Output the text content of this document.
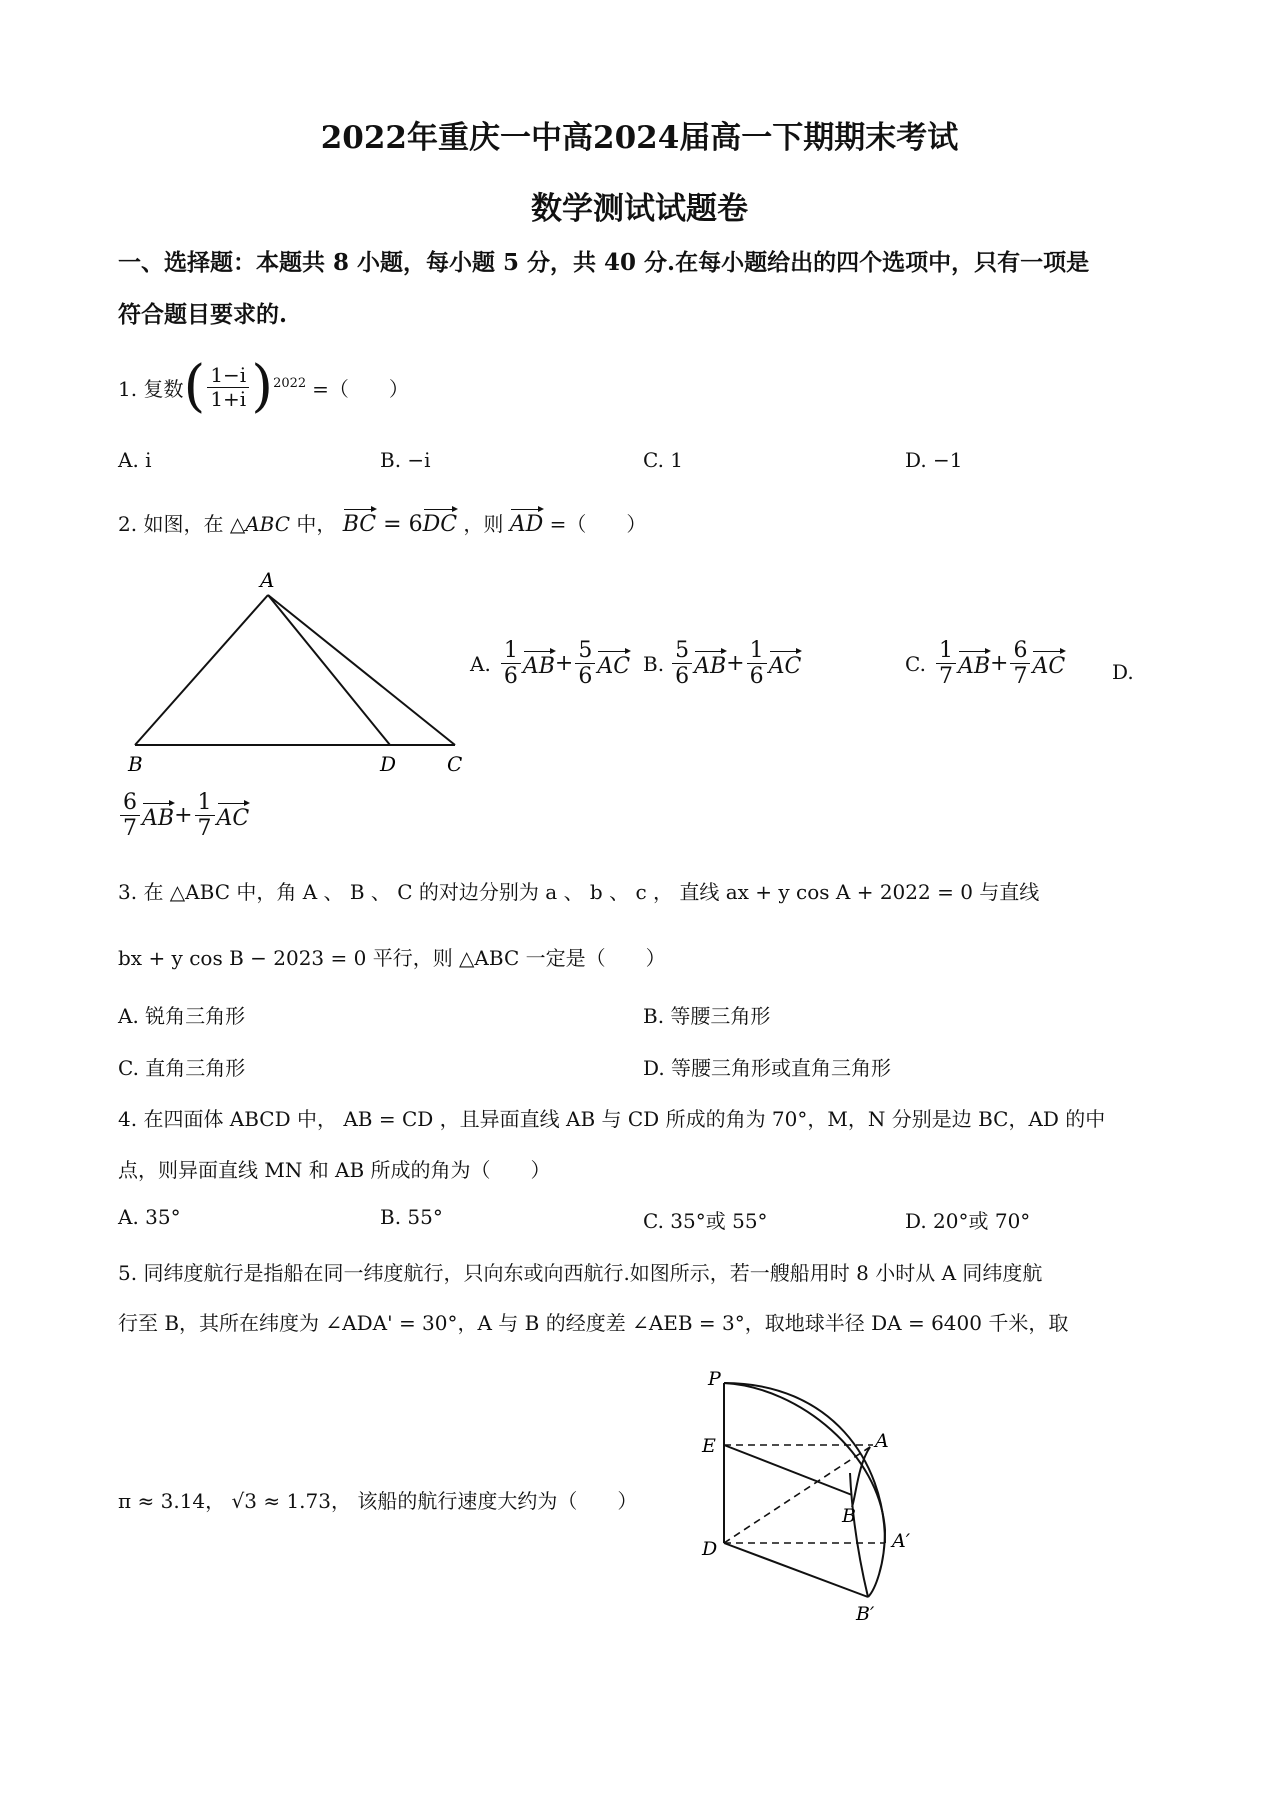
2022年重庆一中高2024届高一下期期末考试
数学测试试题卷
一、选择题：本题共 8 小题，每小题 5 分，共 40 分.在每小题给出的四个选项中，只有一项是
符合题目要求的.
1. 复数 ( $\frac{1-i}{1+i} )^{2022}$ =（　　）
A. i	B. −i	C. 1	D. −1
2. 如图，在 △ABC 中， BC = 6DC ，则 AD =（　　）
A
B	D	C
A. $\frac{1}{6}$ AB + $\frac{5}{6}$ AC B. $\frac{5}{6}$ AB + $\frac{1}{6}$ AC	C. $\frac{1}{7}$ AB + $\frac{6}{7}$ AC D.
$\frac{6}{7}$ AB + $\frac{1}{7}$ AC
3. 在 △ABC 中，角 A 、 B 、 C 的对边分别为 a 、 b 、 c ， 直线 ax + y cos A + 2022 = 0 与直线
bx + y cos B − 2023 = 0 平行，则 △ABC 一定是（　　）
A. 锐角三角形	B. 等腰三角形
C. 直角三角形	D. 等腰三角形或直角三角形
4. 在四面体 ABCD 中， AB = CD ，且异面直线 AB 与 CD 所成的角为 70°，M，N 分别是边 BC，AD 的中
点，则异面直线 MN 和 AB 所成的角为（　　）
A. 35°	B. 55°	C. 35°或 55°	D. 20°或 70°
5. 同纬度航行是指船在同一纬度航行，只向东或向西航行.如图所示，若一艘船用时 8 小时从 A 同纬度航
行至 B，其所在纬度为 ∠ADA' = 30°，A 与 B 的经度差 ∠AEB = 3°，取地球半径 DA = 6400 千米，取
π ≈ 3.14， √3 ≈ 1.73， 该船的航行速度大约为（　　）
P
E	A
B
D	A′
B′
